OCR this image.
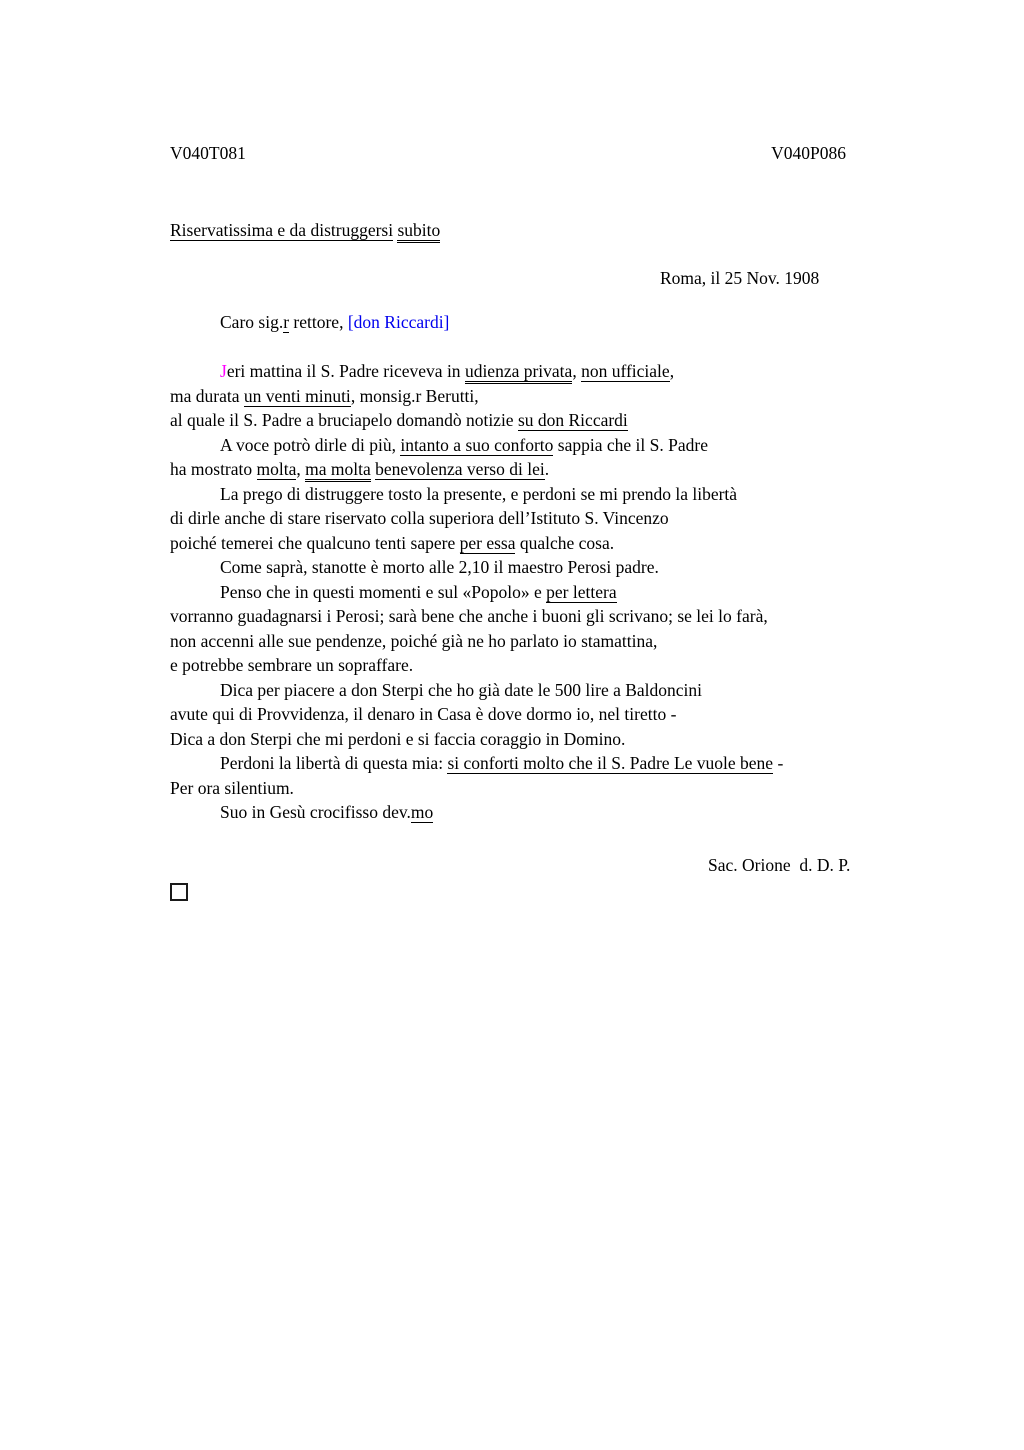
V040T081	V040P086
Riservatissima e da distruggersi subito
Roma, il 25 Nov. 1908
Caro sig.r rettore, [don Riccardi]
Jeri mattina il S. Padre riceveva in udienza privata, non ufficiale,
ma durata un venti minuti, monsig.r Berutti,
al quale il S. Padre a bruciapelo domandò notizie su don Riccardi
A voce potrò dirle di più, intanto a suo conforto sappia che il S. Padre
ha mostrato molta, ma molta benevolenza verso di lei.
La prego di distruggere tosto la presente, e perdoni se mi prendo la libertà
di dirle anche di stare riservato colla superiora dell’Istituto S. Vincenzo
poiché temerei che qualcuno tenti sapere per essa qualche cosa.
Come saprà, stanotte è morto alle 2,10 il maestro Perosi padre.
Penso che in questi momenti e sul «Popolo» e per lettera
vorranno guadagnarsi i Perosi; sarà bene che anche i buoni gli scrivano; se lei lo farà,
non accenni alle sue pendenze, poiché già ne ho parlato io stamattina,
e potrebbe sembrare un sopraffare.
Dica per piacere a don Sterpi che ho già date le 500 lire a Baldoncini
avute qui di Provvidenza, il denaro in Casa è dove dormo io, nel tiretto -
Dica a don Sterpi che mi perdoni e si faccia coraggio in Domino.
Perdoni la libertà di questa mia: si conforti molto che il S. Padre Le vuole bene -
Per ora silentium.
Suo in Gesù crocifisso dev.mo
Sac. Orione  d. D. P.
